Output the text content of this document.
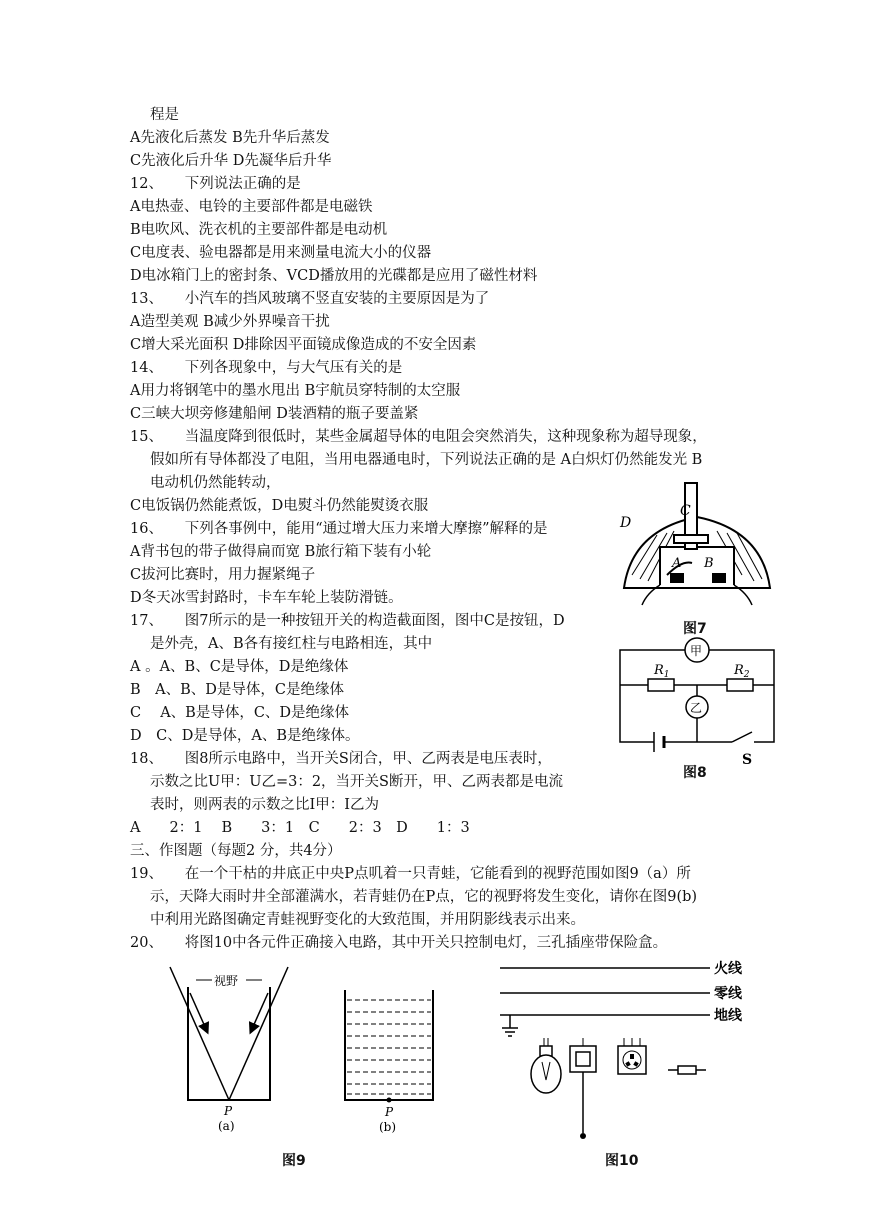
程是
A先液化后蒸发 B先升华后蒸发
C先液化后升华 D先凝华后升华
12、　　下列说法正确的是
A电热壶、电铃的主要部件都是电磁铁
B电吹风、洗衣机的主要部件都是电动机
C电度表、验电器都是用来测量电流大小的仪器
D电冰箱门上的密封条、VCD播放用的光碟都是应用了磁性材料
13、　　小汽车的挡风玻璃不竖直安装的主要原因是为了
A造型美观 B减少外界噪音干扰
C增大采光面积 D排除因平面镜成像造成的不安全因素
14、　　下列各现象中，与大气压有关的是
A用力将钢笔中的墨水甩出 B宇航员穿特制的太空服
C三峡大坝旁修建船闸 D装酒精的瓶子要盖紧
15、　　当温度降到很低时，某些金属超导体的电阻会突然消失，这种现象称为超导现象，
假如所有导体都没了电阻，当用电器通电时，下列说法正确的是 A白炽灯仍然能发光 B
电动机仍然能转动，
C电饭锅仍然能煮饭，D电熨斗仍然能熨烫衣服
16、　　下列各事例中，能用“通过增大压力来增大摩擦”解释的是
A背书包的带子做得扁而宽 B旅行箱下装有小轮
C拔河比赛时，用力握紧绳子
D冬天冰雪封路时，卡车车轮上装防滑链。
17、　　图7所示的是一种按钮开关的构造截面图，图中C是按钮，D
是外壳，A、B各有接红柱与电路相连，其中
A 。A、B、C是导体，D是绝缘体
B　A、B、D是导体，C是绝缘体
C　 A、B是导体，C、D是绝缘体
D　C、D是导体，A、B是绝缘体。
18、　　图8所示电路中，当开关S闭合，甲、乙两表是电压表时，
示数之比U甲：U乙=3：2，当开关S断开，甲、乙两表都是电流
表时，则两表的示数之比I甲：I乙为
A　　2：1　 B　　3：1　C　　2：3　D　　1：3
三、作图题（每题2 分，共4分）
19、　　在一个干枯的井底正中央P点叽着一只青蛙，它能看到的视野范围如图9（a）所
示，天降大雨时井全部灌满水，若青蛙仍在P点，它的视野将发生变化，请你在图9(b)
中利用光路图确定青蛙视野变化的大致范围，并用阴影线表示出来。
20、　　将图10中各元件正确接入电路，其中开关只控制电灯，三孔插座带保险盒。
C
D
A B
图7
甲
乙
$R_1$	$R_2$
S
图8
视野
P
(a)
P
(b)
图9
火线
零线
地线
图10
